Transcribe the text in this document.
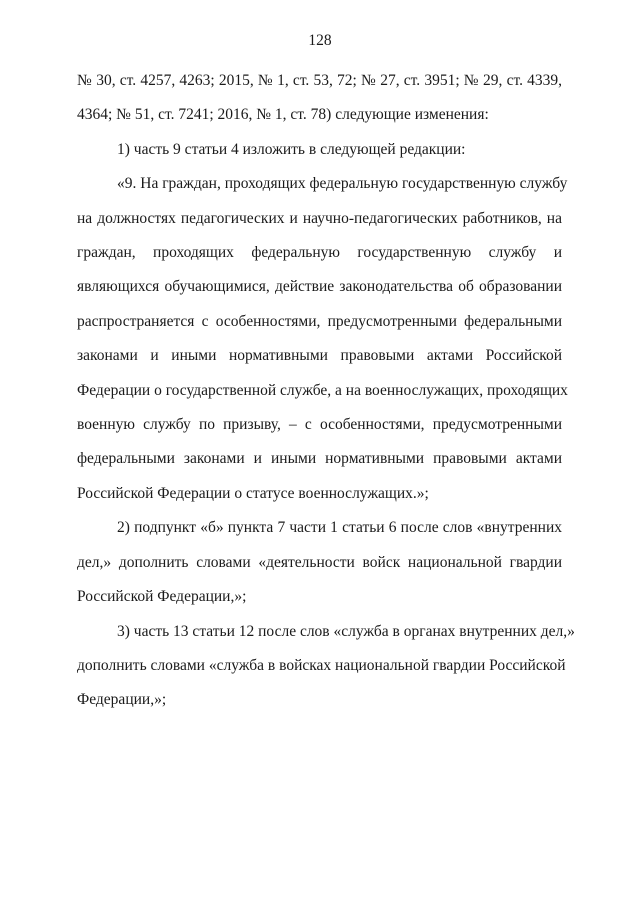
128
№ 30, ст. 4257, 4263; 2015, № 1, ст. 53, 72; № 27, ст. 3951; № 29, ст. 4339,
4364; № 51, ст. 7241; 2016, № 1, ст. 78) следующие изменения:
1) часть 9 статьи 4 изложить в следующей редакции:
«9. На граждан, проходящих федеральную государственную службу
на должностях педагогических и научно-педагогических работников, на
граждан, проходящих федеральную государственную службу и
являющихся обучающимися, действие законодательства об образовании
распространяется с особенностями, предусмотренными федеральными
законами и иными нормативными правовыми актами Российской
Федерации о государственной службе, а на военнослужащих, проходящих
военную службу по призыву, – с особенностями, предусмотренными
федеральными законами и иными нормативными правовыми актами
Российской Федерации о статусе военнослужащих.»;
2) подпункт «б» пункта 7 части 1 статьи 6 после слов «внутренних
дел,» дополнить словами «деятельности войск национальной гвардии
Российской Федерации,»;
3) часть 13 статьи 12 после слов «служба в органах внутренних дел,»
дополнить словами «служба в войсках национальной гвардии Российской
Федерации,»;
